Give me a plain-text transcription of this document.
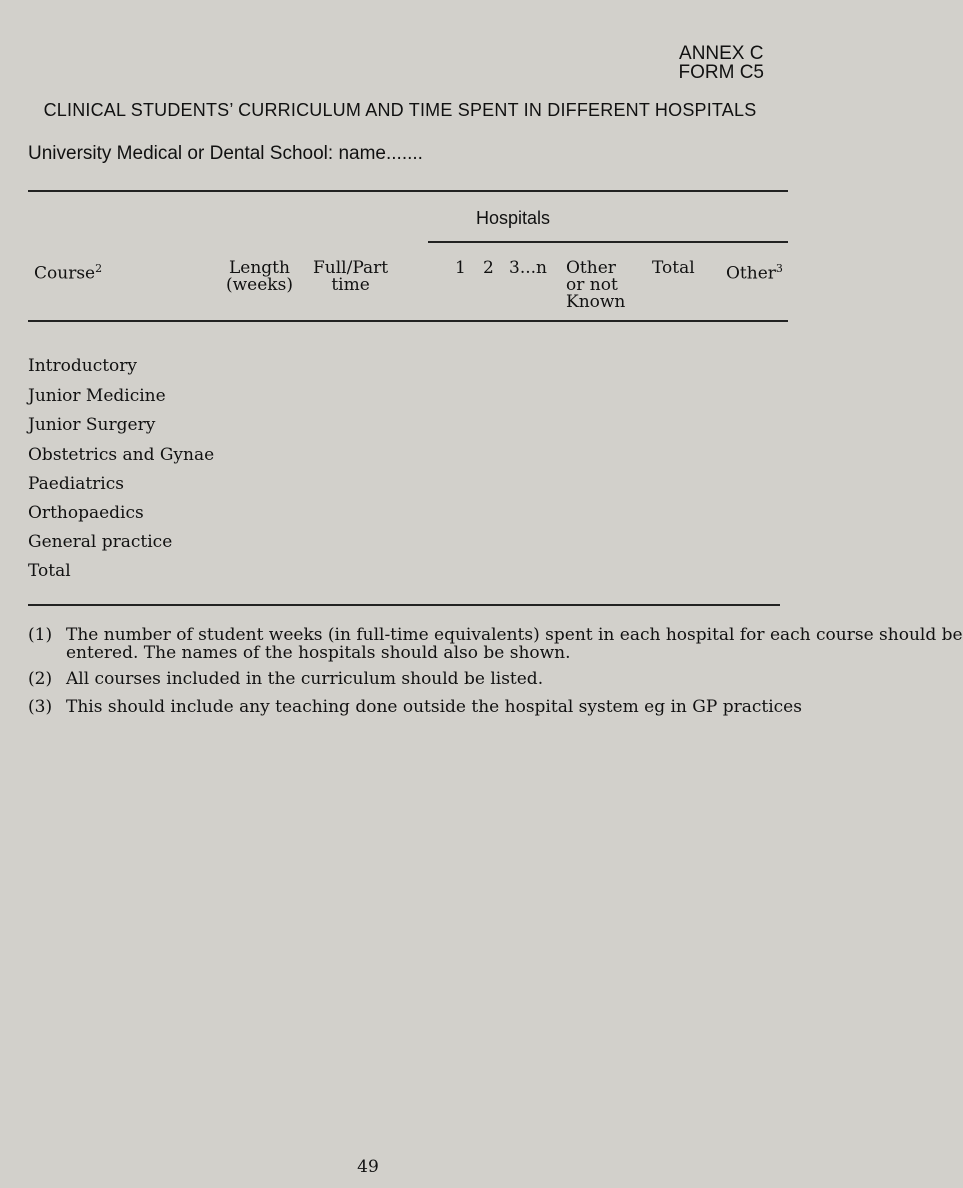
ANNEX C
FORM C5
CLINICAL STUDENTS’ CURRICULUM AND TIME SPENT IN DIFFERENT HOSPITALS
University Medical or Dental School: name.......
Hospitals
Course$^2$	Length
(weeks)
Full/Part
time
1 2 3...n Other
or not
Known
Total Other$^3$
Introductory
Junior Medicine
Junior Surgery
Obstetrics and Gynae
Paediatrics
Orthopaedics
General practice
Total
(1) The number of student weeks (in full-time equivalents) spent in each hospital for each course should be
entered. The names of the hospitals should also be shown.
(2) All courses included in the curriculum should be listed.
(3) This should include any teaching done outside the hospital system eg in GP practices
49
